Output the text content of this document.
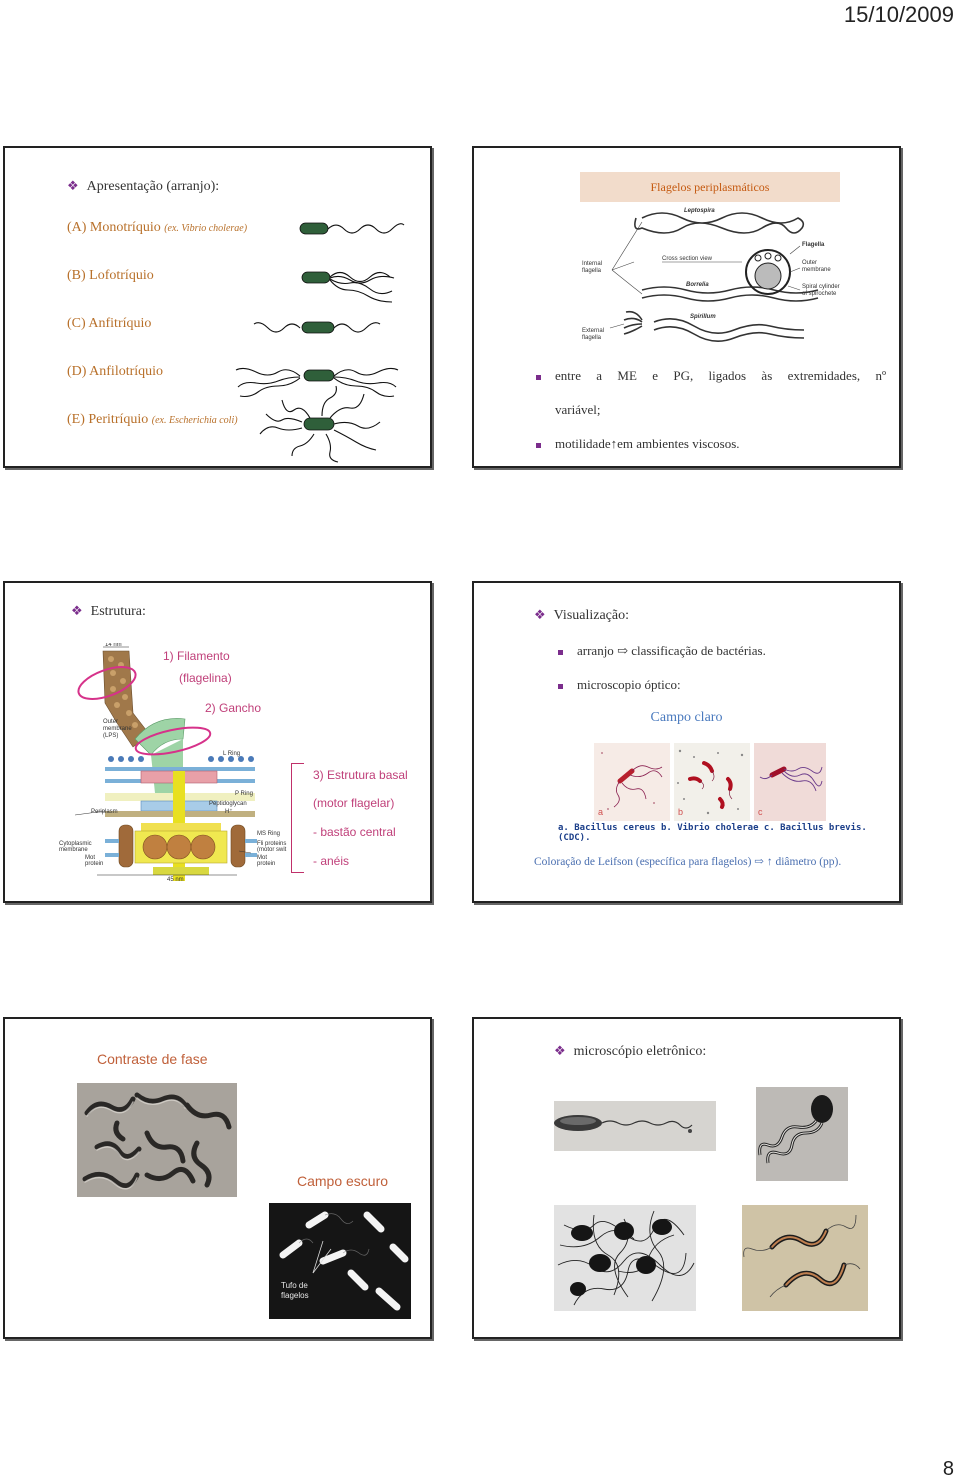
15/10/2009
❖ Apresentação (arranjo):
(A) Monotríquio (ex. Vibrio cholerae)
(B) Lofotríquio
(C) Anfitríquio
(D) Anfilotríquio
(E) Peritríquio (ex. Escherichia coli)
Flagelos periplasmáticos
Leptospira
Internal
flagella
Cross section view
Borrelia
Flagella
Outer
membrane
Spiral cylinder
of spirochete
Spirillum
External
flagella
entre a ME e PG, ligados às extremidades, nº
variável;
motilidade↑em ambientes viscosos.
❖ Estrutura:
14 nm
Outer
membrane
(LPS)
L Ring
P Ring
Peptidoglycan
H⁺
Periplasm
Cytoplasmic
membrane
Mot
protein
MS Ring
Fli proteins
(motor swit
Mot
protein
45 nm
1) Filamento
(flagelina)
2) Gancho
3) Estrutura basal
(motor flagelar)
- bastão central
- anéis
❖ Visualização:
arranjo ⇨ classificação de bactérias.
microscopio óptico:
Campo claro
a	b	c
a. Bacillus cereus b. Vibrio cholerae c. Bacillus brevis. (CDC).
Coloração de Leifson (específica para flagelos) ⇨ ↑ diâmetro (pp).
Contraste de fase
Campo escuro
Tufo de
flagelos
❖ microscópio eletrônico:
8
